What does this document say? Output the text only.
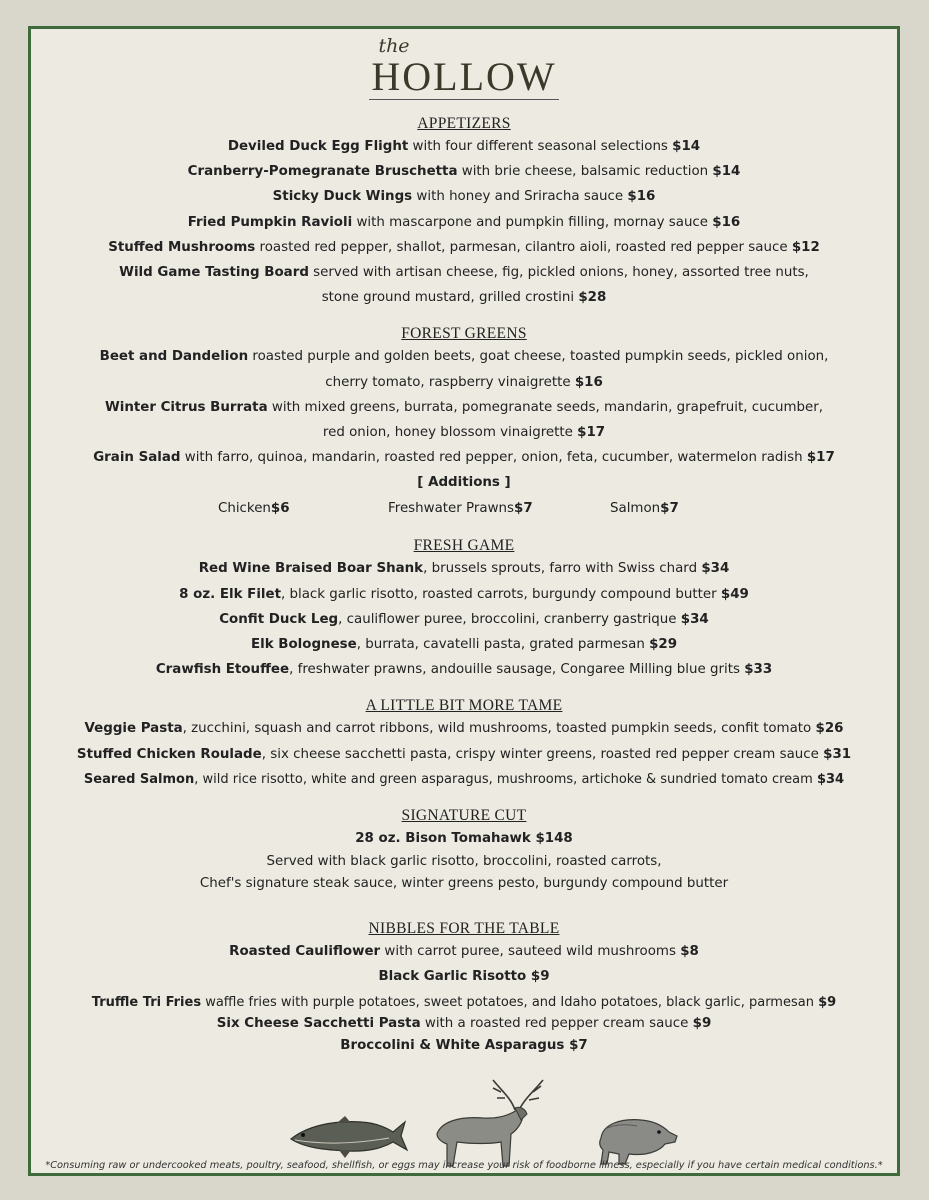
the
HOLLOW
APPETIZERS
Deviled Duck Egg Flight with four different seasonal selections $14
Cranberry-Pomegranate Bruschetta with brie cheese, balsamic reduction $14
Sticky Duck Wings with honey and Sriracha sauce $16
Fried Pumpkin Ravioli with mascarpone and pumpkin filling, mornay sauce $16
Stuffed Mushrooms roasted red pepper, shallot, parmesan, cilantro aioli, roasted red pepper sauce $12
Wild Game Tasting Board served with artisan cheese, fig, pickled onions, honey, assorted tree nuts,
stone ground mustard, grilled crostini $28
FOREST GREENS
Beet and Dandelion roasted purple and golden beets, goat cheese, toasted pumpkin seeds, pickled onion,
cherry tomato, raspberry vinaigrette $16
Winter Citrus Burrata with mixed greens, burrata, pomegranate seeds, mandarin, grapefruit, cucumber,
red onion, honey blossom vinaigrette $17
Grain Salad with farro, quinoa, mandarin, roasted red pepper, onion, feta, cucumber, watermelon radish $17
[ Additions ]
Chicken$6	Freshwater Prawns$7	Salmon$7
FRESH GAME
Red Wine Braised Boar Shank, brussels sprouts, farro with Swiss chard $34
8 oz. Elk Filet, black garlic risotto, roasted carrots, burgundy compound butter $49
Confit Duck Leg, cauliflower puree, broccolini, cranberry gastrique $34
Elk Bolognese, burrata, cavatelli pasta, grated parmesan $29
Crawfish Etouffee, freshwater prawns, andouille sausage, Congaree Milling blue grits $33
A LITTLE BIT MORE TAME
Veggie Pasta, zucchini, squash and carrot ribbons, wild mushrooms, toasted pumpkin seeds, confit tomato $26
Stuffed Chicken Roulade, six cheese sacchetti pasta, crispy winter greens, roasted red pepper cream sauce $31
Seared Salmon, wild rice risotto, white and green asparagus, mushrooms, artichoke & sundried tomato cream $34
SIGNATURE CUT
28 oz. Bison Tomahawk $148
Served with black garlic risotto, broccolini, roasted carrots,
Chef's signature steak sauce, winter greens pesto, burgundy compound butter
NIBBLES FOR THE TABLE
Roasted Cauliflower with carrot puree, sauteed wild mushrooms $8
Black Garlic Risotto $9
Truffle Tri Fries waffle fries with purple potatoes, sweet potatoes, and Idaho potatoes, black garlic, parmesan $9
Six Cheese Sacchetti Pasta with a roasted red pepper cream sauce $9
Broccolini & White Asparagus $7
*Consuming raw or undercooked meats, poultry, seafood, shellfish, or eggs may increase your risk of foodborne illness, especially if you have certain medical conditions.*
